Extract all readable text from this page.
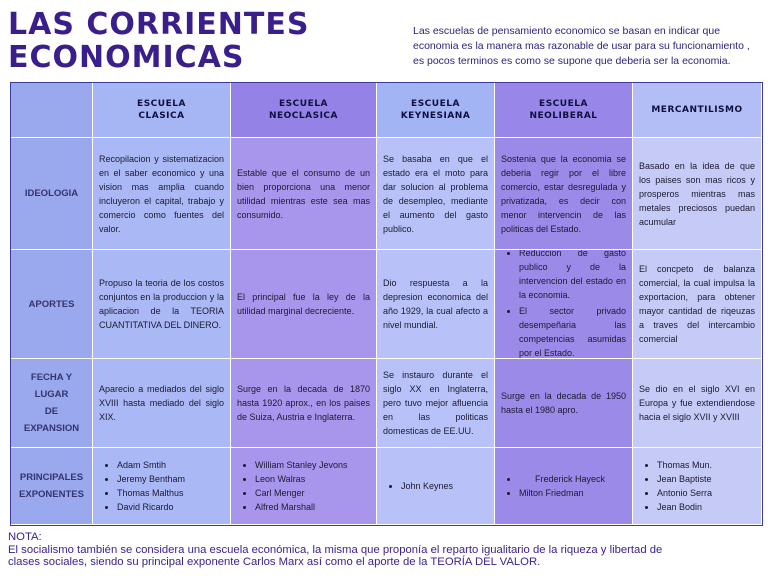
LAS CORRIENTES
ECONOMICAS

Las escuelas de pensamiento economico se basan en indicar que economia es la manera mas razonable de usar para su funcionamiento , es pocos terminos es como se supone que deberia ser la economia.

ESCUELA
CLASICA
ESCUELA
NEOCLASICA
ESCUELA
KEYNESIANA
ESCUELA
NEOLIBERAL
MERCANTILISMO
IDEOLOGIA

Recopilacion y sistematizacion en el saber economico y una vision mas amplia cuando incluyeron el capital, trabajo y comercio como fuentes del valor.

Estable que el consumo de un bien proporciona una menor utilidad mientras este sea mas consumido.

Se basaba en que el estado era el moto para dar solucion al problema de desempleo, mediante el aumento del gasto publico.

Sostenia que la economia se deberia regir por el libre comercio, estar desregulada y privatizada, es decir con menor intervencin de las politicas del Estado.

Basado en la idea de que los paises son mas ricos y prosperos mientras mas metales preciosos puedan acumular

APORTES

Propuso la teoria de los costos conjuntos en la produccion y la aplicacion de la TEORIA CUANTITATIVA DEL DINERO.

El principal fue la ley de la utilidad marginal decreciente.

Dio respuesta a la depresion economica del año 1929, la cual afecto a nivel mundial.

• Reduccion de gasto publico y de la intervencion del estado en la economia.
• El sector privado desempeñaria las competencias asumidas por el Estado.

El concpeto de balanza comercial, la cual impulsa la exportacion, para obtener mayor cantidad de riqeuzas a traves del intercambio comercial

FECHA Y
LUGAR
DE
EXPANSION

Aparecio a mediados del siglo XVIII hasta mediado del siglo XIX.

Surge en la decada de 1870 hasta 1920 aprox., en los paises de Suiza, Austria e Inglaterra.

Se instauro durante el siglo XX en Inglaterra, pero tuvo mejor afluencia en las politicas domesticas de EE.UU.

Surge en la decada de 1950 hasta el 1980 apro.

Se dio en el siglo XVI en Europa y fue extendiendose hacia el siglo XVII y XVIII

PRINCIPALES
EXPONENTES
• Adam Smtih
• Jeremy Bentham
• Thomas Malthus
• David Ricardo
• William Stanley Jevons
• Leon Walras
• Carl Menger
• Alfred Marshall
• John Keynes
• Frederick Hayeck
• Milton Friedman
• Thomas Mun.
• Jean Baptiste
• Antonio Serra
• Jean Bodin

NOTA:
El socialismo también se considera una escuela económica, la misma que proponía el reparto igualitario de la riqueza y libertad de
clases sociales, siendo su principal exponente Carlos Marx así como el aporte de la TEORÍA DEL VALOR.
